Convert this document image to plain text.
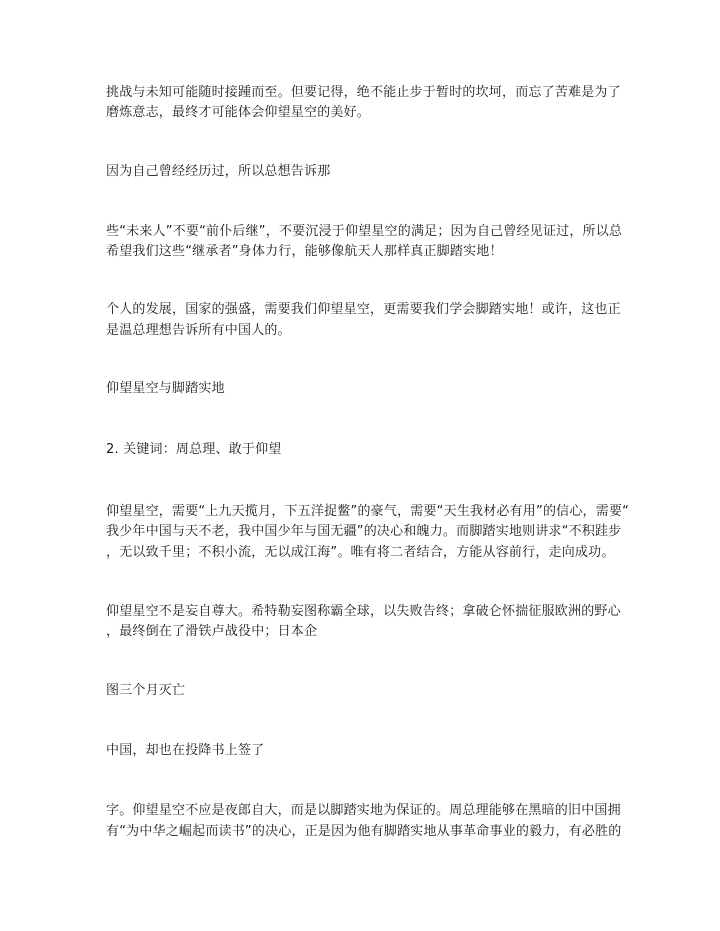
挑战与未知可能随时接踵而至。但要记得，绝不能止步于暂时的坎坷，而忘了苦难是为了
磨炼意志，最终才可能体会仰望星空的美好。
因为自己曾经经历过，所以总想告诉那
些“未来人”不要“前仆后继”，不要沉浸于仰望星空的满足；因为自己曾经见证过，所以总
希望我们这些“继承者”身体力行，能够像航天人那样真正脚踏实地！
个人的发展，国家的强盛，需要我们仰望星空，更需要我们学会脚踏实地！或许，这也正
是温总理想告诉所有中国人的。
仰望星空与脚踏实地
2. 关键词：周总理、敢于仰望
仰望星空，需要“上九天揽月，下五洋捉鳖”的豪气，需要“天生我材必有用”的信心，需要“
我少年中国与天不老，我中国少年与国无疆”的决心和魄力。而脚踏实地则讲求“不积跬步
，无以致千里；不积小流，无以成江海”。唯有将二者结合，方能从容前行，走向成功。
仰望星空不是妄自尊大。希特勒妄图称霸全球，以失败告终；拿破仑怀揣征服欧洲的野心
，最终倒在了滑铁卢战役中；日本企
图三个月灭亡
中国，却也在投降书上签了
字。仰望星空不应是夜郎自大，而是以脚踏实地为保证的。周总理能够在黑暗的旧中国拥
有“为中华之崛起而读书”的决心，正是因为他有脚踏实地从事革命事业的毅力，有必胜的
